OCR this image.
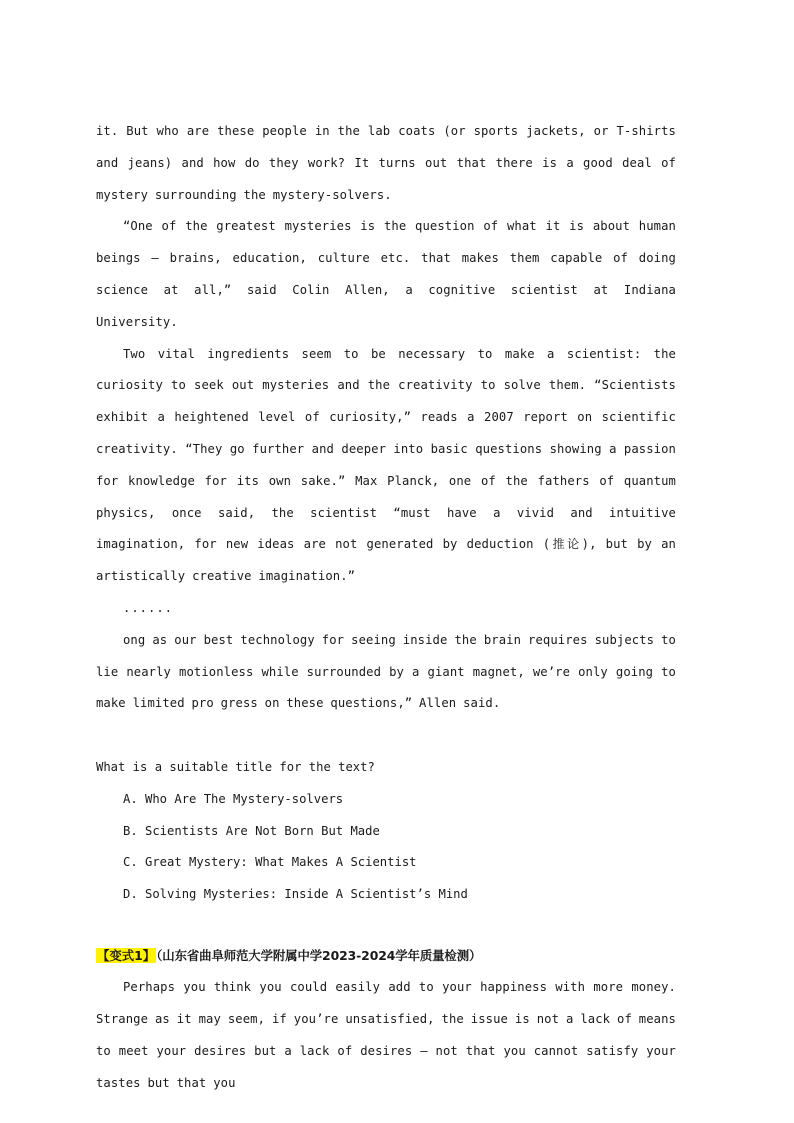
it. But who are these people in the lab coats (or sports jackets, or T-shirts and jeans) and how do they work? It turns out that there is a good deal of mystery surrounding the mystery-solvers.

“One of the greatest mysteries is the question of what it is about human beings — brains, education, culture etc. that makes them capable of doing science at all,” said Colin Allen, a cognitive scientist at Indiana University.

Two vital ingredients seem to be necessary to make a scientist: the curiosity to seek out mysteries and the creativity to solve them. “Scientists exhibit a heightened level of curiosity,” reads a 2007 report on scientific creativity. “They go further and deeper into basic questions showing a passion for knowledge for its own sake.” Max Planck, one of the fathers of quantum physics, once said, the scientist “must have a vivid and intuitive imagination, for new ideas are not generated by deduction (推论), but by an artistically creative imagination.”

......

ong as our best technology for seeing inside the brain requires subjects to lie nearly motionless while surrounded by a giant magnet, we’re only going to make limited pro gress on these questions,” Allen said.

What is a suitable title for the text?

A. Who Are The Mystery-solvers
B. Scientists Are Not Born But Made
C. Great Mystery: What Makes A Scientist
D. Solving Mysteries: Inside A Scientist’s Mind
【变式1】（山东省曲阜师范大学附属中学2023-2024学年质量检测）

Perhaps you think you could easily add to your happiness with more money. Strange as it may seem, if you’re unsatisfied, the issue is not a lack of means to meet your desires but a lack of desires — not that you cannot satisfy your tastes but that you
